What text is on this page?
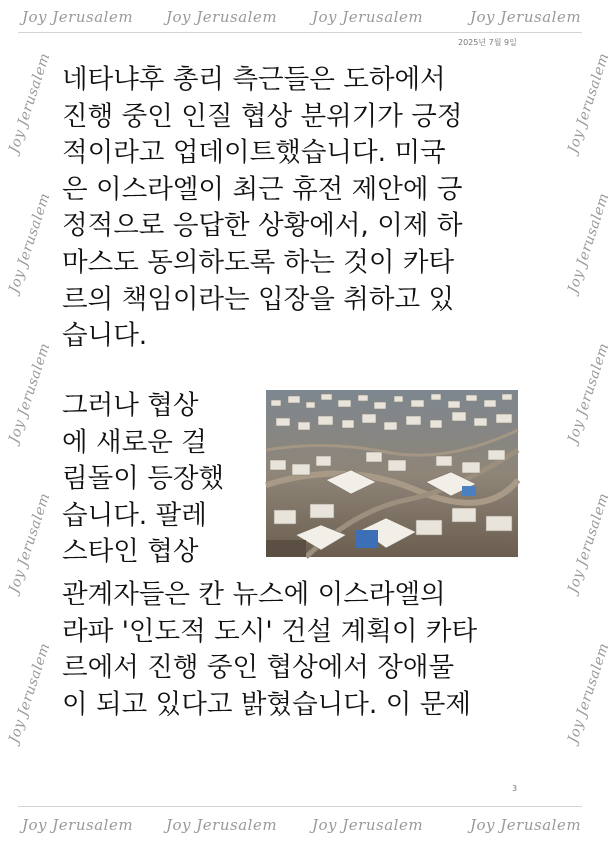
Joy Jerusalem Joy Jerusalem Joy Jerusalem	Joy Jerusalem
Joy Jerusalem Joy Jerusalem Joy Jerusalem	Joy Jerusalem
Joy Jerusalem
Joy Jerusalem
Joy Jerusalem
Joy Jerusalem
Joy Jerusalem
Joy Jerusalem
Joy Jerusalem
Joy Jerusalem
Joy Jerusalem
Joy Jerusalem
2025년 7월 9일

네타냐후 총리 측근들은 도하에서

진행 중인 인질 협상 분위기가 긍정

적이라고 업데이트했습니다. 미국

은 이스라엘이 최근 휴전 제안에 긍

정적으로 응답한 상황에서, 이제 하

마스도 동의하도록 하는 것이 카타

르의 책임이라는 입장을 취하고 있

습니다.

그러나 협상

에 새로운 걸

림돌이 등장했

습니다. 팔레

스타인 협상

관계자들은 칸 뉴스에 이스라엘의

라파 '인도적 도시' 건설 계획이 카타

르에서 진행 중인 협상에서 장애물

이 되고 있다고 밝혔습니다. 이 문제

3
